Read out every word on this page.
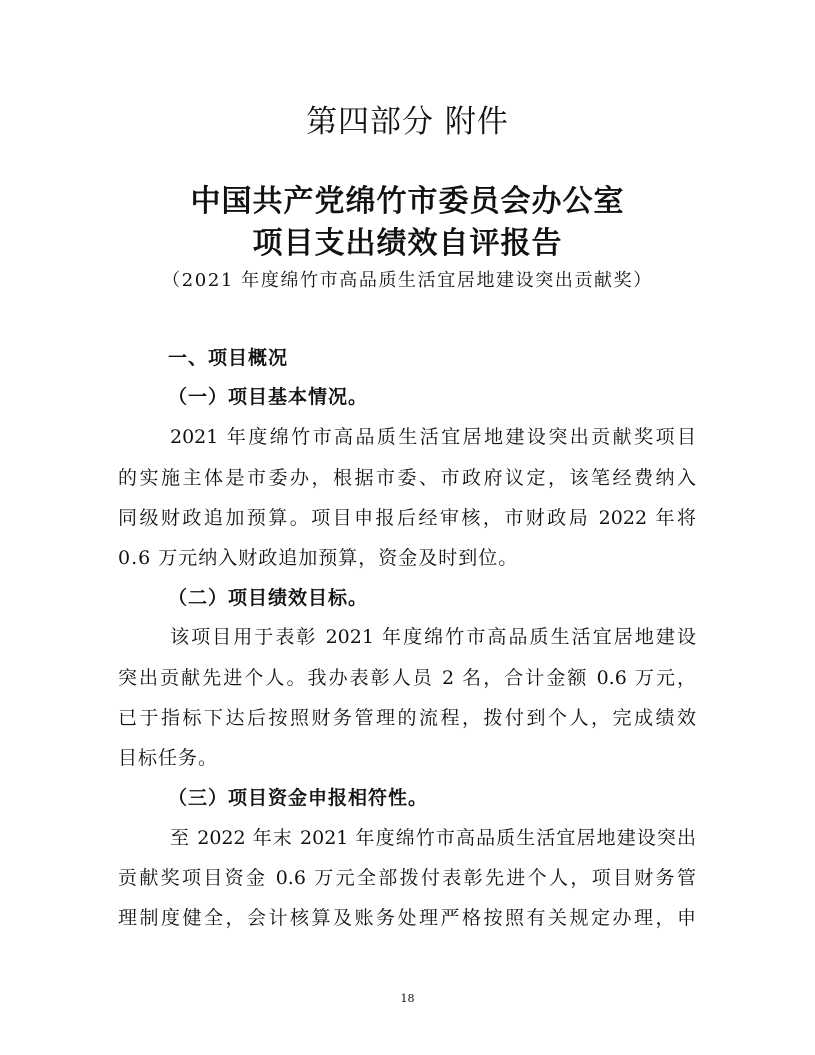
第四部分 附件
中国共产党绵竹市委员会办公室
项目支出绩效自评报告
（2021 年度绵竹市高品质生活宜居地建设突出贡献奖）
一、项目概况
（一）项目基本情况。
2021 年度绵竹市高品质生活宜居地建设突出贡献奖项目
的实施主体是市委办，根据市委、市政府议定，该笔经费纳入
同级财政追加预算。项目申报后经审核，市财政局 2022 年将
0.6 万元纳入财政追加预算，资金及时到位。
（二）项目绩效目标。
该项目用于表彰 2021 年度绵竹市高品质生活宜居地建设
突出贡献先进个人。我办表彰人员 2 名，合计金额 0.6 万元，
已于指标下达后按照财务管理的流程，拨付到个人，完成绩效
目标任务。
（三）项目资金申报相符性。
至 2022 年末 2021 年度绵竹市高品质生活宜居地建设突出
贡献奖项目资金 0.6 万元全部拨付表彰先进个人，项目财务管
理制度健全，会计核算及账务处理严格按照有关规定办理，申
18
